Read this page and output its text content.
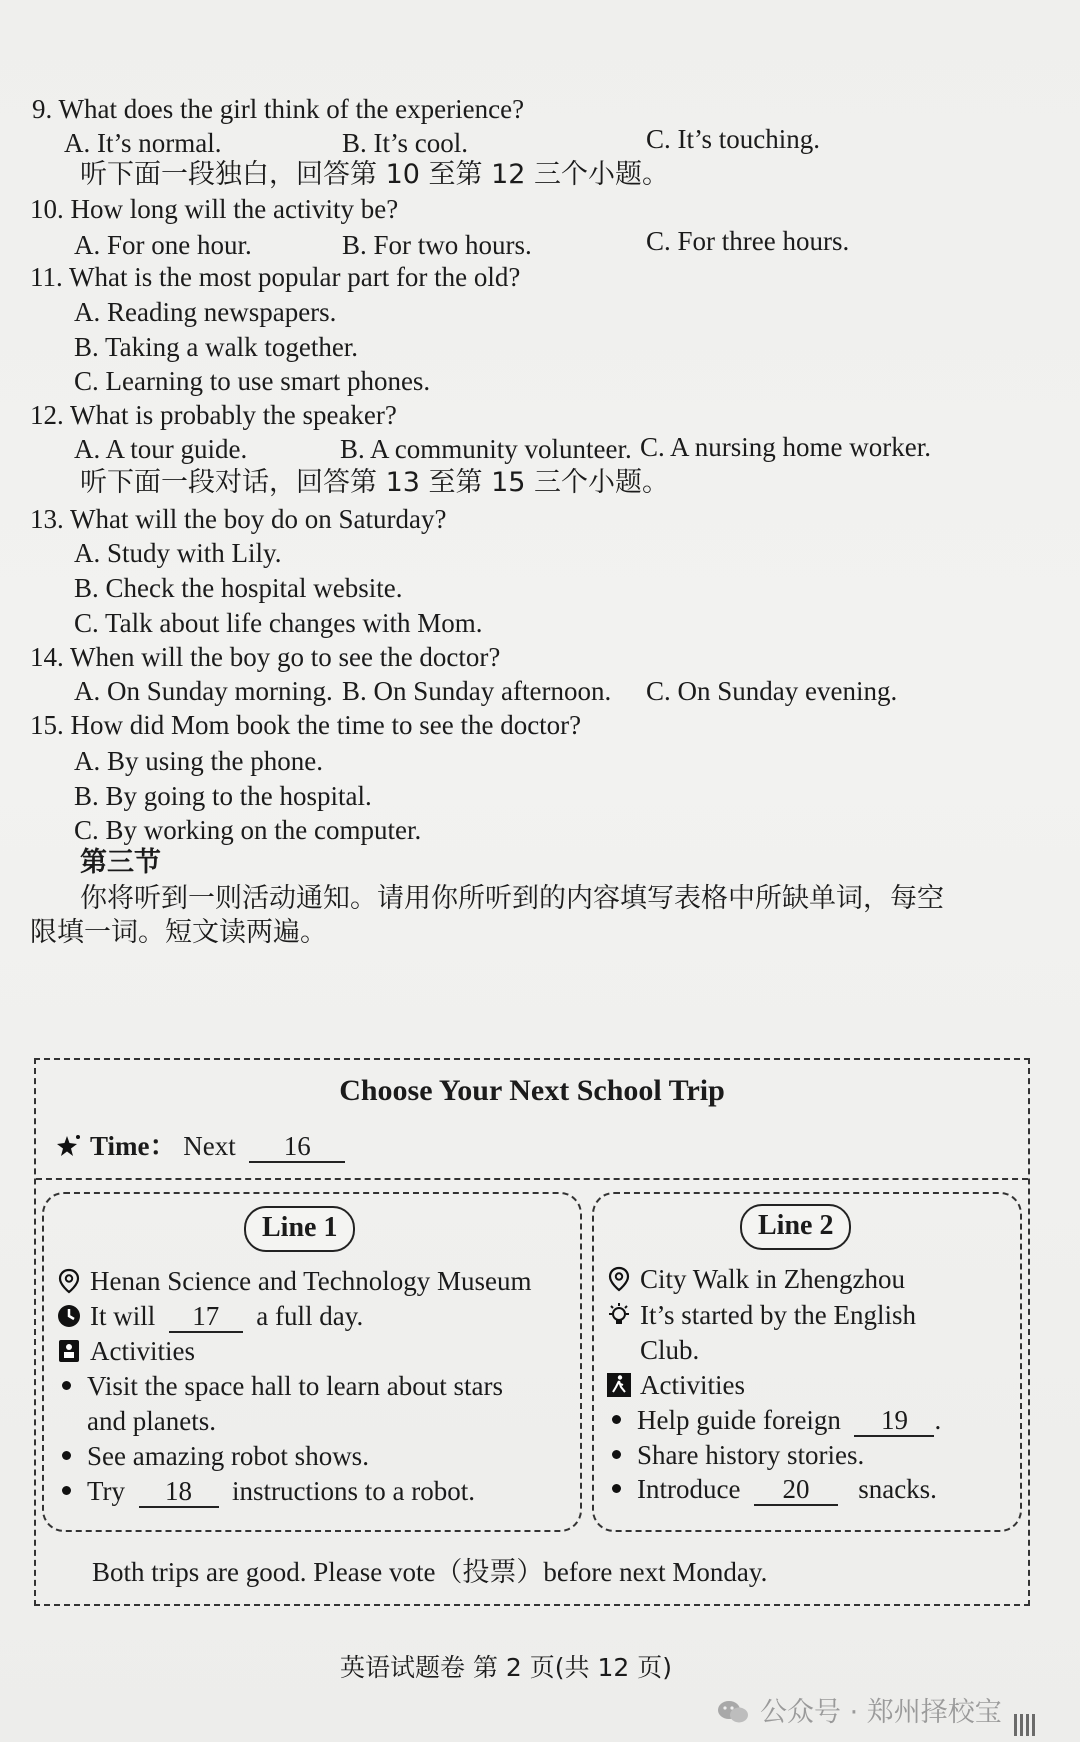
9. What does the girl think of the experience?
A. It’s normal.	B. It’s cool.	C. It’s touching.
听下面一段独白，回答第 10 至第 12 三个小题。
10. How long will the activity be?
A. For one hour.	B. For two hours.	C. For three hours.
11. What is the most popular part for the old?
A. Reading newspapers.
B. Taking a walk together.
C. Learning to use smart phones.
12. What is probably the speaker?
A. A tour guide.	B. A community volunteer. C. A nursing home worker.
听下面一段对话，回答第 13 至第 15 三个小题。
13. What will the boy do on Saturday?
A. Study with Lily.
B. Check the hospital website.
C. Talk about life changes with Mom.
14. When will the boy go to see the doctor?
A. On Sunday morning. B. On Sunday afternoon. C. On Sunday evening.
15. How did Mom book the time to see the doctor?
A. By using the phone.
B. By going to the hospital.
C. By working on the computer.
第三节
你将听到一则活动通知。请用你所听到的内容填写表格中所缺单词，每空
限填一词。短文读两遍。
Choose Your Next School Trip
Time： Next 16
Line 1
Henan Science and Technology Museum
It will 17 a full day.
Activities
Visit the space hall to learn about stars
and planets.
See amazing robot shows.
Try 18 instructions to a robot.
Line 2
City Walk in Zhengzhou
It’s started by the English
Club.
Activities
Help guide foreign 19 .
Share history stories.
Introduce 20 snacks.
Both trips are good. Please vote（投票）before next Monday.
英语试题卷 第 2 页(共 12 页)
公众号 · 郑州择校宝
